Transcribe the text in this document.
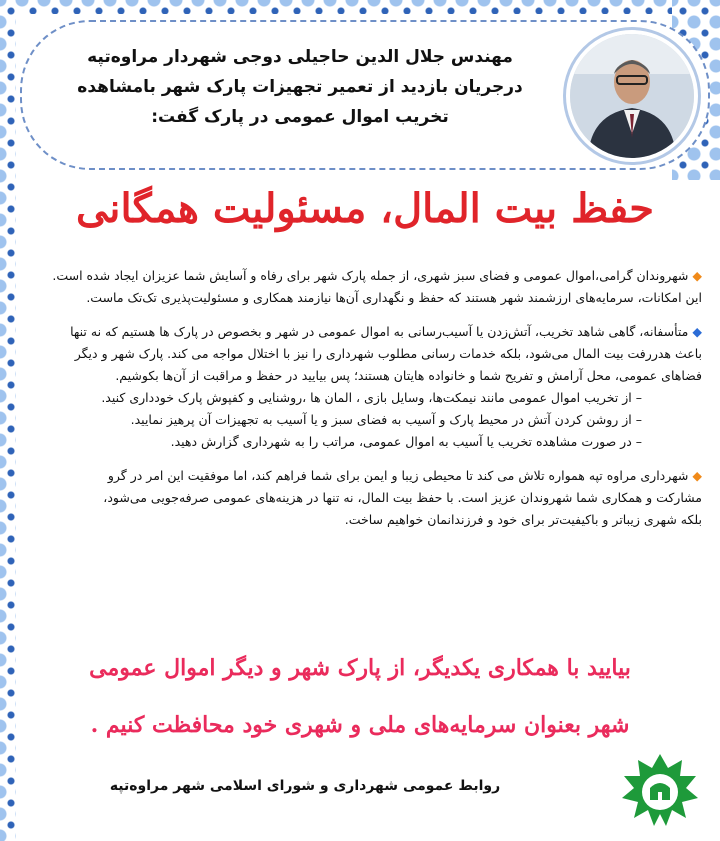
مهندس جلال الدین حاجیلی دوجی شهردار مراوه‌تپه
درجریان بازدید از تعمیر تجهیزات پارک شهر بامشاهده
تخریب اموال عمومی در پارک گفت:
حفظ بیت المال، مسئولیت همگانی

◆شهروندان گرامی،اموال عمومی و فضای سبز شهری، از جمله پارک شهر برای رفاه و آسایش شما عزیزان ایجاد شده است.

این امکانات، سرمایه‌های ارزشمند شهر هستند که حفظ و نگهداری آن‌ها نیازمند همکاری و مسئولیت‌پذیری تک‌تک ماست.

◆متأسفانه، گاهی شاهد تخریب، آتش‌زدن یا آسیب‌رسانی به اموال عمومی در شهر و بخصوص در پارک ها هستیم که نه تنها

باعث هدررفت بیت المال می‌شود، بلکه خدمات رسانی مطلوب شهرداری را نیز با اختلال مواجه می کند. پارک شهر و دیگر

فضاهای عمومی، محل آرامش و تفریح شما و خانواده هایتان هستند؛ پس بیایید در حفظ و مراقبت از آن‌ها بکوشیم.

– از تخریب اموال عمومی مانند نیمکت‌ها، وسایل بازی ، المان ها ،روشنایی و کفپوش پارک خودداری کنید.

– از روشن کردن آتش در محیط پارک و آسیب به فضای سبز و یا آسیب به تجهیزات آن پرهیز نمایید.

– در صورت مشاهده تخریب یا آسیب به اموال عمومی، مراتب را به شهرداری گزارش دهید.

◆شهرداری مراوه تپه همواره تلاش می کند تا محیطی زیبا و ایمن برای شما فراهم کند، اما موفقیت این امر در گرو

مشارکت و همکاری شما شهروندان عزیز است. با حفظ بیت المال، نه تنها در هزینه‌های عمومی صرفه‌جویی می‌شود،

بلکه شهری زیباتر و باکیفیت‌تر برای خود و فرزندانمان خواهیم ساخت.

بیایید با همکاری یکدیگر، از پارک شهر و دیگر اموال عمومی
شهر بعنوان سرمایه‌های ملی و شهری خود محافظت کنیم .
روابط عمومی شهرداری و شورای اسلامی شهر مراوه‌تپه
